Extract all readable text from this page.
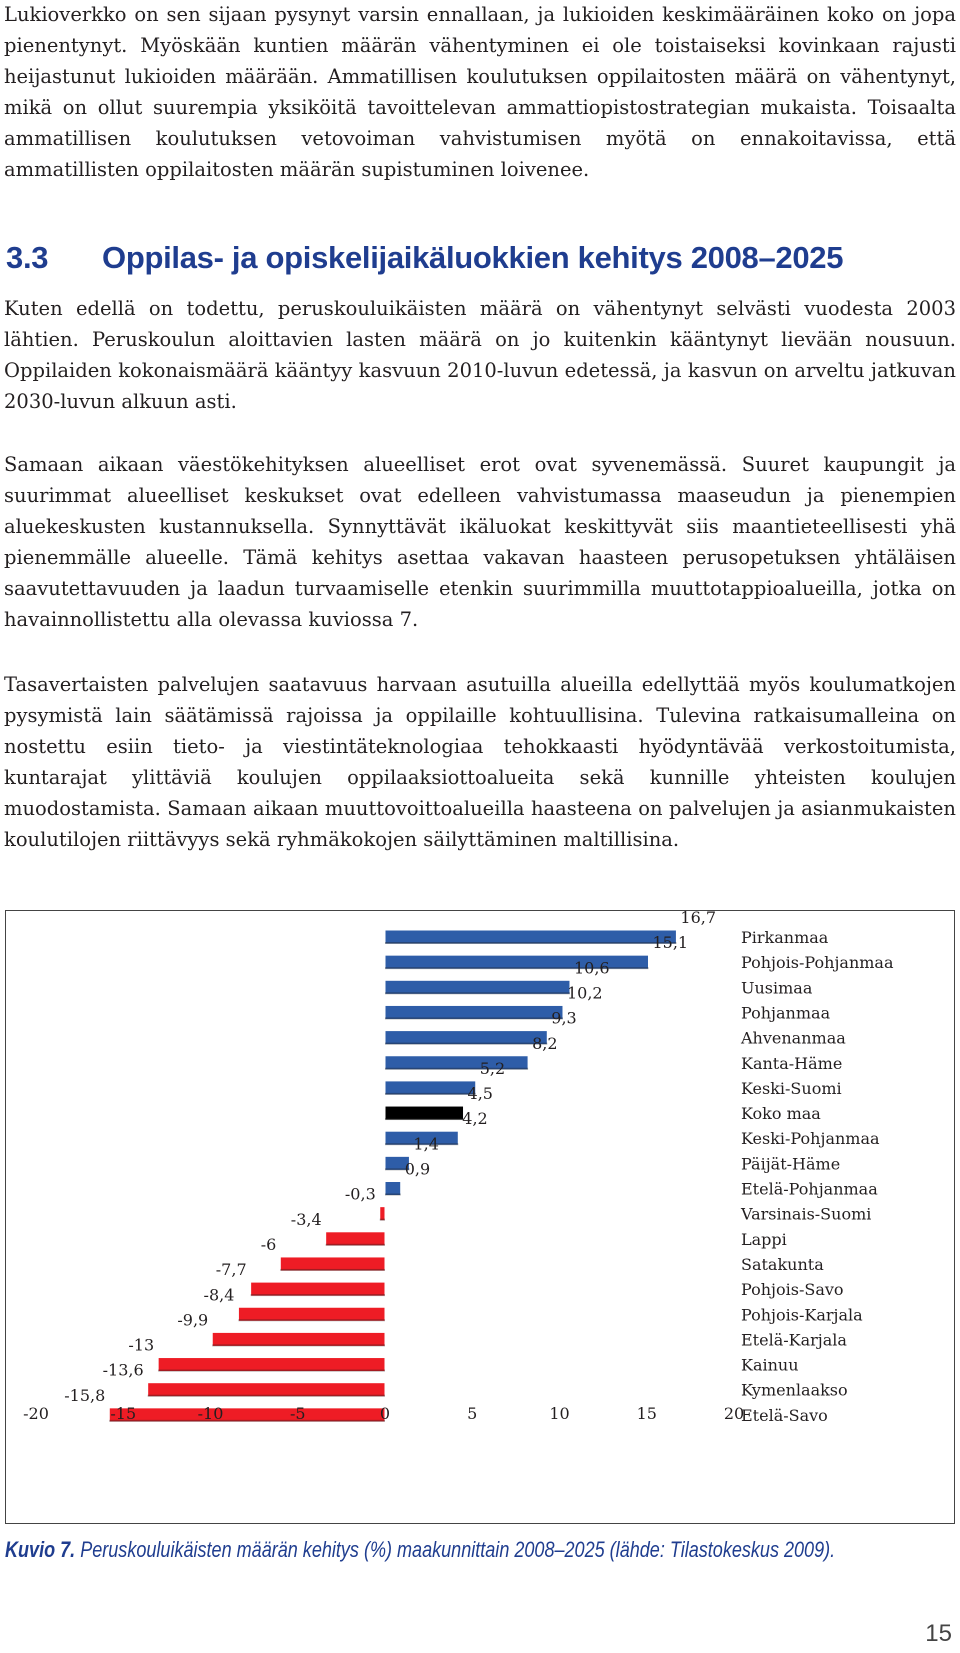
Lukioverkko on sen sijaan pysynyt varsin ennallaan, ja lukioiden keskimääräinen koko on jopa pienentynyt. Myöskään kuntien määrän vähentyminen ei ole toistaiseksi kovinkaan rajusti heijastunut lukioiden määrään. Ammatillisen koulutuksen oppilaitosten määrä on vähentynyt, mikä on ollut suurempia yksiköitä tavoittelevan ammattiopistostrategian mukaista. Toisaalta ammatillisen koulutuksen vetovoiman vahvistumisen myötä on ennakoitavissa, että ammatillisten oppilaitosten määrän supistuminen loivenee.

3.3 Oppilas- ja opiskelijaikäluokkien kehitys 2008–2025

Kuten edellä on todettu, peruskouluikäisten määrä on vähentynyt selvästi vuodesta 2003 lähtien. Peruskoulun aloittavien lasten määrä on jo kuitenkin kääntynyt lievään nousuun. Oppilaiden kokonaismäärä kääntyy kasvuun 2010-luvun edetessä, ja kasvun on arveltu jatkuvan 2030-luvun alkuun asti.

Samaan aikaan väestökehityksen alueelliset erot ovat syvenemässä. Suuret kaupungit ja suurimmat alueelliset keskukset ovat edelleen vahvistumassa maaseudun ja pienempien aluekeskusten kustannuksella. Synnyttävät ikäluokat keskittyvät siis maantieteellisesti yhä pienemmälle alueelle. Tämä kehitys asettaa vakavan haasteen perusopetuksen yhtäläisen saavutettavuuden ja laadun turvaamiselle etenkin suurimmilla muuttotappioalueilla, jotka on havainnollistettu alla olevassa kuviossa 7.

Tasavertaisten palvelujen saatavuus harvaan asutuilla alueilla edellyttää myös koulumatkojen pysymistä lain säätämissä rajoissa ja oppilaille kohtuullisina. Tulevina ratkaisumalleina on nostettu esiin tieto- ja viestintäteknologiaa tehokkaasti hyödyntävää verkostoitumista, kuntarajat ylittäviä koulujen oppilaaksiottoalueita sekä kunnille yhteisten koulujen muodostamista. Samaan aikaan muuttovoittoalueilla haasteena on palvelujen ja asianmukaisten koulutilojen riittävyys sekä ryhmäkokojen säilyttäminen maltillisina.

16,7
Pirkanmaa
15,1
Pohjois-Pohjanmaa
10,6
Uusimaa
10,2
Pohjanmaa
9,3
Ahvenanmaa
8,2
Kanta-Häme
5,2
Keski-Suomi
4,5
Koko maa
4,2
Keski-Pohjanmaa
1,4
Päijät-Häme
0,9
Etelä-Pohjanmaa
-0,3
Varsinais-Suomi
-3,4
Lappi
-6
Satakunta
-7,7
Pohjois-Savo
-8,4
Pohjois-Karjala
-9,9
Etelä-Karjala
-13
Kainuu
-13,6
Kymenlaakso
-15,8
Etelä-Savo
-20	-15	-10	-5	0	5	10	15	20

Kuvio 7. Peruskouluikäisten määrän kehitys (%) maakunnittain 2008–2025 (lähde: Tilastokeskus 2009).

15
